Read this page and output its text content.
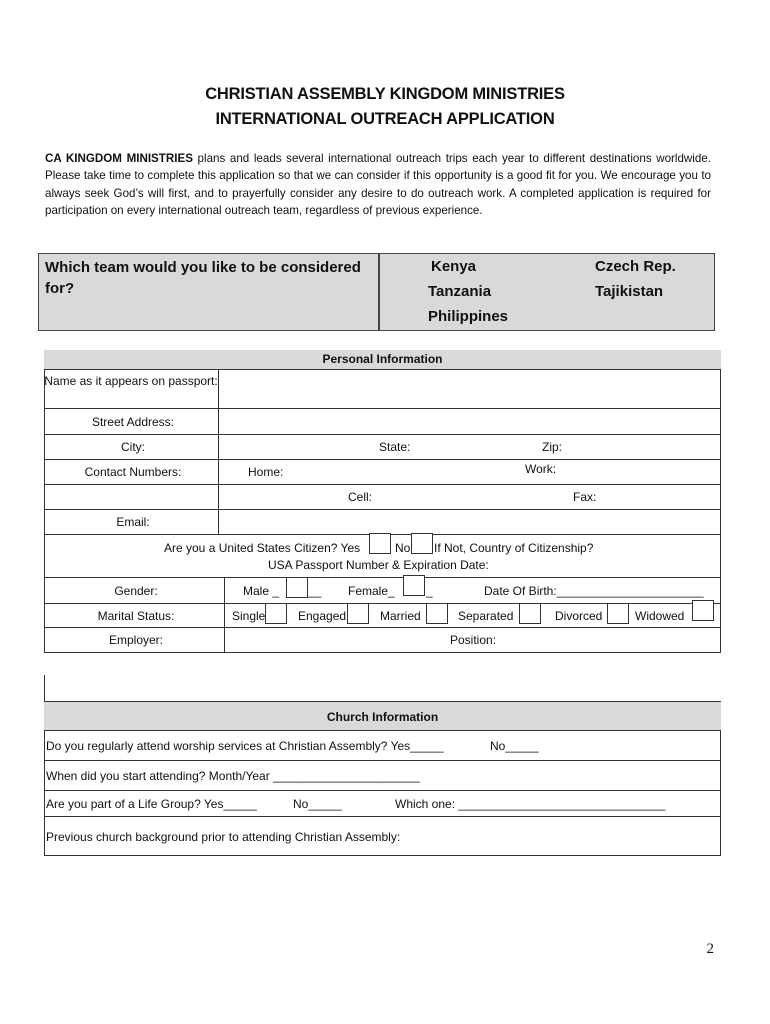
CHRISTIAN ASSEMBLY KINGDOM MINISTRIES
INTERNATIONAL OUTREACH APPLICATION
CA KINGDOM MINISTRIES plans and leads several international outreach trips each year to different destinations worldwide. Please take time to complete this application so that we can consider if this opportunity is a good fit for you. We encourage you to always seek God’s will first, and to prayerfully consider any desire to do outreach work. A completed application is required for participation on every international outreach team, regardless of previous experience.
Which team would you like to be considered for?
Kenya
Tanzania
Philippines
Czech Rep.
Tajikistan
Personal Information
Name as it appears on passport:
Street Address:
City:	State:	Zip:
Contact Numbers:	Home:	Work:
Cell:	Fax:
Email:
Are you a United States Citizen? Yes	No If Not, Country of Citizenship?
USA Passport Number & Expiration Date:
Gender:	Male _ __ Female_	_	Date Of Birth:______________________
Marital Status:	Single	Engaged	Married	Separated	Divorced	Widowed
Employer:	Position:
Church Information
Do you regularly attend worship services at Christian Assembly? Yes_____	No_____
When did you start attending? Month/Year ______________________
Are you part of a Life Group? Yes_____	No_____	Which one: _______________________________
Previous church background prior to attending Christian Assembly:
2
